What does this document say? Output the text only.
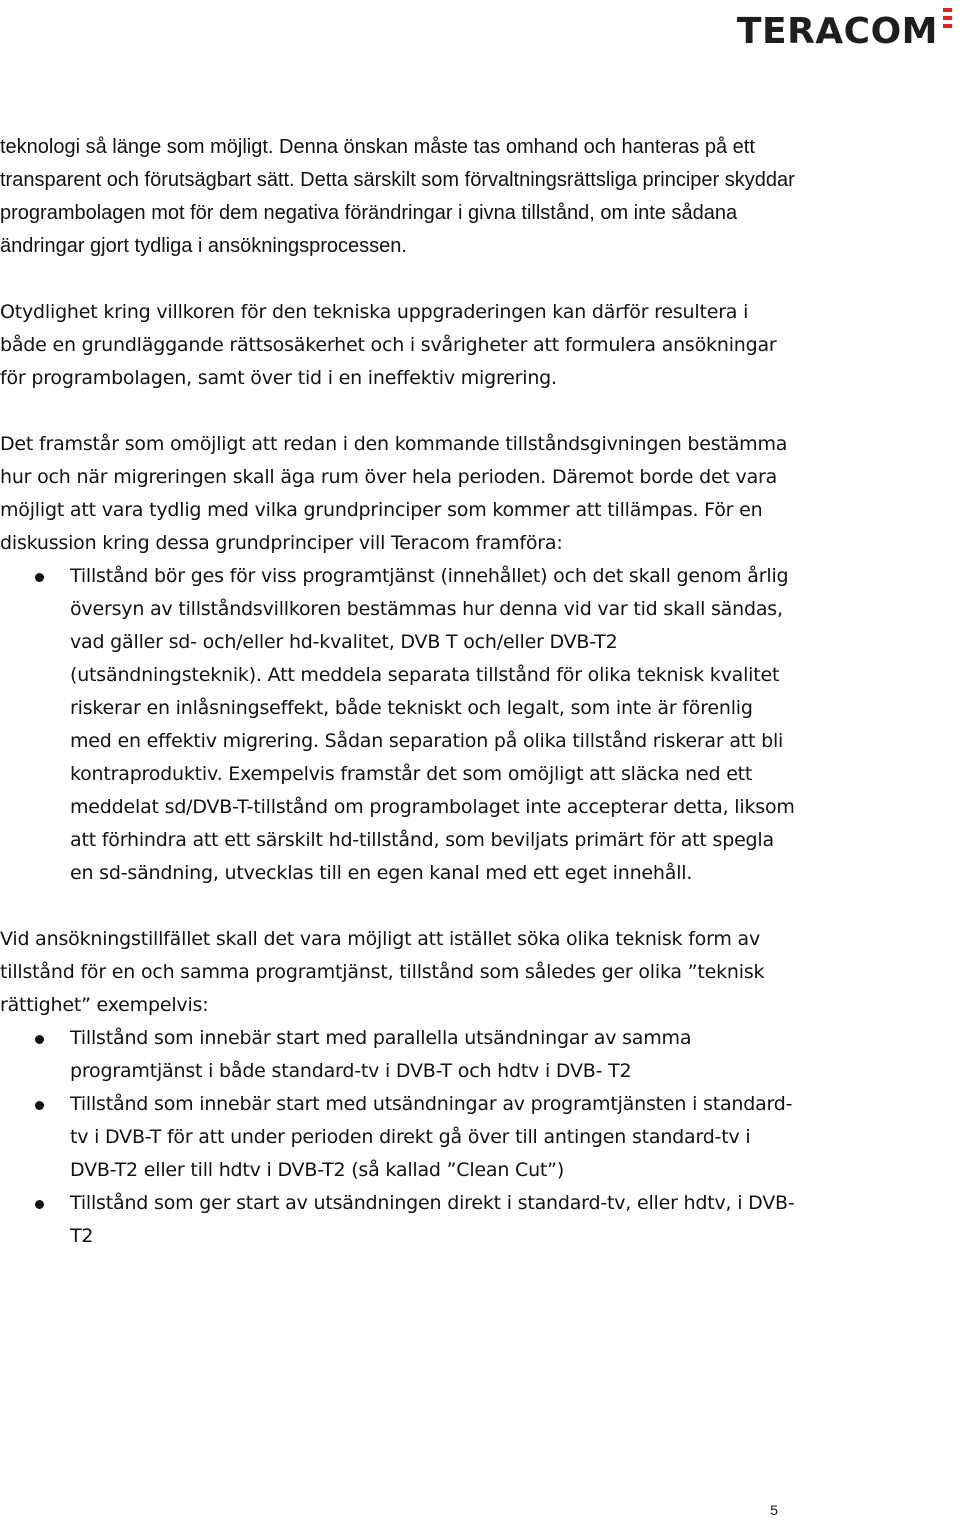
TERACOM

teknologi så länge som möjligt. Denna önskan måste tas omhand och hanteras på ett transparent och förutsägbart sätt. Detta särskilt som förvaltningsrättsliga principer skyddar programbolagen mot för dem negativa förändringar i givna tillstånd, om inte sådana ändringar gjort tydliga i ansökningsprocessen.

Otydlighet kring villkoren för den tekniska uppgraderingen kan därför resultera i både en grundläggande rättsosäkerhet och i svårigheter att formulera ansökningar för programbolagen, samt över tid i en ineffektiv migrering.

Det framstår som omöjligt att redan i den kommande tillståndsgivningen bestämma hur och när migreringen skall äga rum över hela perioden. Däremot borde det vara möjligt att vara tydlig med vilka grundprinciper som kommer att tillämpas. För en diskussion kring dessa grundprinciper vill Teracom framföra:

Tillstånd bör ges för viss programtjänst (innehållet) och det skall genom årlig översyn av tillståndsvillkoren bestämmas hur denna vid var tid skall sändas, vad gäller sd- och/eller hd-kvalitet, DVB T och/eller DVB-T2 (utsändningsteknik). Att meddela separata tillstånd för olika teknisk kvalitet riskerar en inlåsningseffekt, både tekniskt och legalt, som inte är förenlig med en effektiv migrering. Sådan separation på olika tillstånd riskerar att bli kontraproduktiv. Exempelvis framstår det som omöjligt att släcka ned ett meddelat sd/DVB-T-tillstånd om programbolaget inte accepterar detta, liksom att förhindra att ett särskilt hd-tillstånd, som beviljats primärt för att spegla en sd-sändning, utvecklas till en egen kanal med ett eget innehåll.

Vid ansökningstillfället skall det vara möjligt att istället söka olika teknisk form av tillstånd för en och samma programtjänst, tillstånd som således ger olika ”teknisk rättighet” exempelvis:

Tillstånd som innebär start med parallella utsändningar av samma programtjänst i både standard-tv i DVB-T och hdtv i DVB- T2
Tillstånd som innebär start med utsändningar av programtjänsten i standard-tv i DVB-T för att under perioden direkt gå över till antingen standard-tv i DVB-T2 eller till hdtv i DVB-T2 (så kallad ”Clean Cut”)
Tillstånd som ger start av utsändningen direkt i standard-tv, eller hdtv, i DVB-T2
5
